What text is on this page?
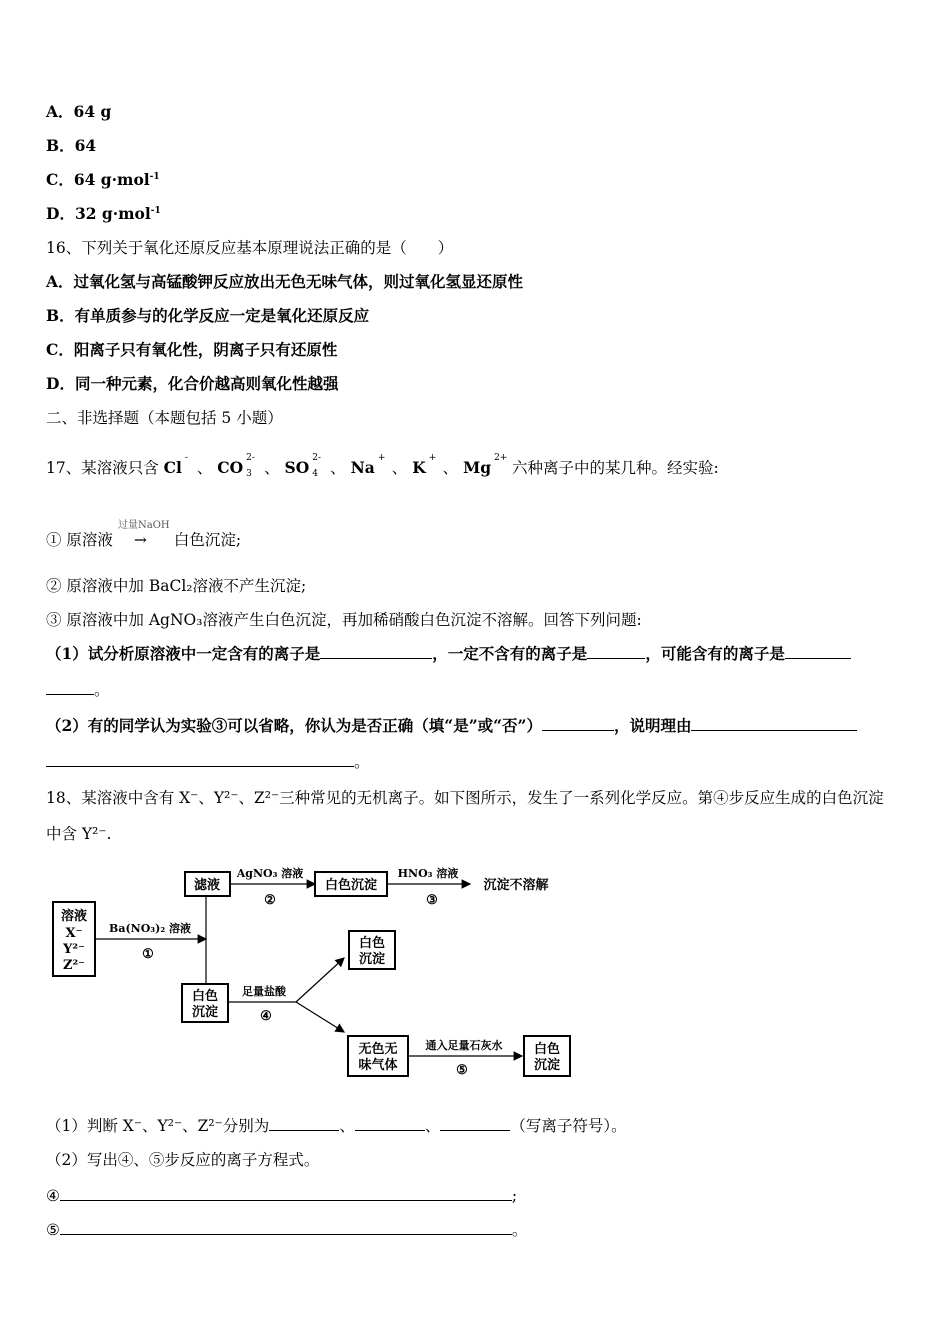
A．64 g
B．64
C．64 g·mol$^{-1}$
D．32 g·mol$^{-1}$
16、下列关于氧化还原反应基本原理说法正确的是（　　）
A．过氧化氢与高锰酸钾反应放出无色无味气体，则过氧化氢显还原性
B．有单质参与的化学反应一定是氧化还原反应
C．阳离子只有氧化性，阴离子只有还原性
D．同一种元素，化合价越高则氧化性越强
二、非选择题（本题包括 5 小题）
17、某溶液只含 Cl -
、 CO 2-
3 、 SO 2-
4 、 Na +
、 K +
、 Mg 2+
六种离子中的某几种。经实验:
过量NaOH
① 原溶液 → 白色沉淀;
② 原溶液中加 BaCl₂溶液不产生沉淀;
③ 原溶液中加 AgNO₃溶液产生白色沉淀，再加稀硝酸白色沉淀不溶解。回答下列问题:
（1）试分析原溶液中一定含有的离子是	，一定不含有的离子是	，可能含有的离子是
。
（2）有的同学认为实验③可以省略，你认为是否正确（填“是”或“否”）	，说明理由
。
18、某溶液中含有 X⁻、Y²⁻、Z²⁻三种常见的无机离子。如下图所示，发生了一系列化学反应。第④步反应生成的白色沉淀
中含 Y²⁻.
溶液
X⁻
Y²⁻
Z²⁻
Ba(NO₃)₂ 溶液
①
滤液
AgNO₃ 溶液
②
白色沉淀
HNO₃ 溶液
③
沉淀不溶解
白色
沉淀
足量盐酸
④
白色
沉淀
无色无
味气体
通入足量石灰水
⑤
白色
沉淀
（1）判断 X⁻、Y²⁻、Z²⁻分别为	、	、	（写离子符号）。
（2）写出④、⑤步反应的离子方程式。
④	;
⑤	。
